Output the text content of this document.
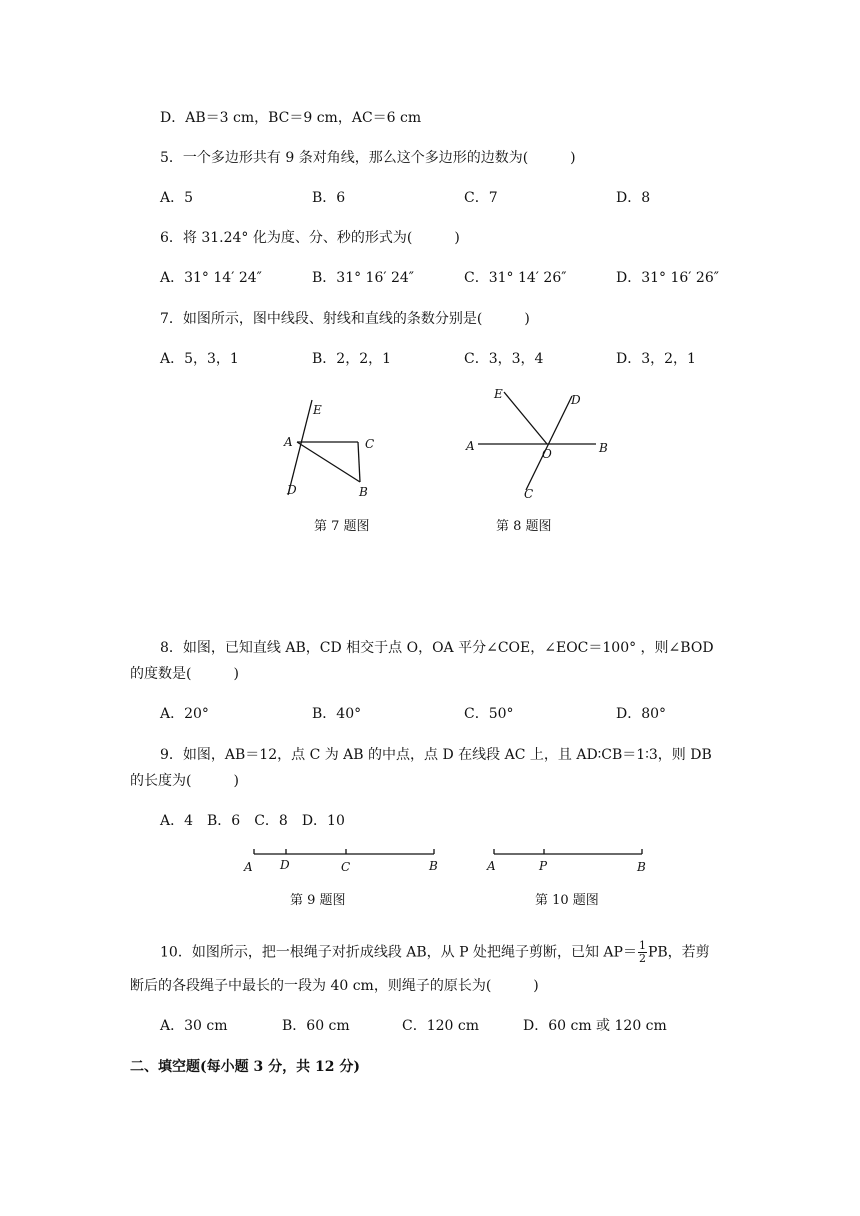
D．AB＝3 cm，BC＝9 cm，AC＝6 cm
5．一个多边形共有 9 条对角线，那么这个多边形的边数为(　　　)
A．5	B．6	C．7	D．8
6．将 31.24° 化为度、分、秒的形式为(　　　)
A．31° 14′ 24″	B．31° 16′ 24″	C．31° 14′ 26″	D．31° 16′ 26″
7．如图所示，图中线段、射线和直线的条数分别是(　　　)
A．5，3，1	B．2，2，1	C．3，3，4	D．3，2，1
E
A	C
D	B
第 7 题图
E	D
A
O	B
C
第 8 题图
8．如图，已知直线 AB，CD 相交于点 O，OA 平分∠COE，∠EOC＝100° ，则∠BOD
的度数是(　　　)
A．20°	B．40°	C．50°	D．80°
9．如图，AB＝12，点 C 为 AB 的中点，点 D 在线段 AC 上，且 AD∶CB＝1∶3，则 DB
的长度为(　　　)
A．4　B．6　C．8　D．10
A D	C	B
第 9 题图
A	P	B
第 10 题图
10．如图所示，把一根绳子对折成线段 AB，从 P 处把绳子剪断，已知 $AP= \frac{1}{2}$ PB，若剪
断后的各段绳子中最长的一段为 40 cm，则绳子的原长为(　　　)
A．30 cm	B．60 cm	C．120 cm	D．60 cm 或 120 cm
二、填空题(每小题 3 分，共 12 分)
